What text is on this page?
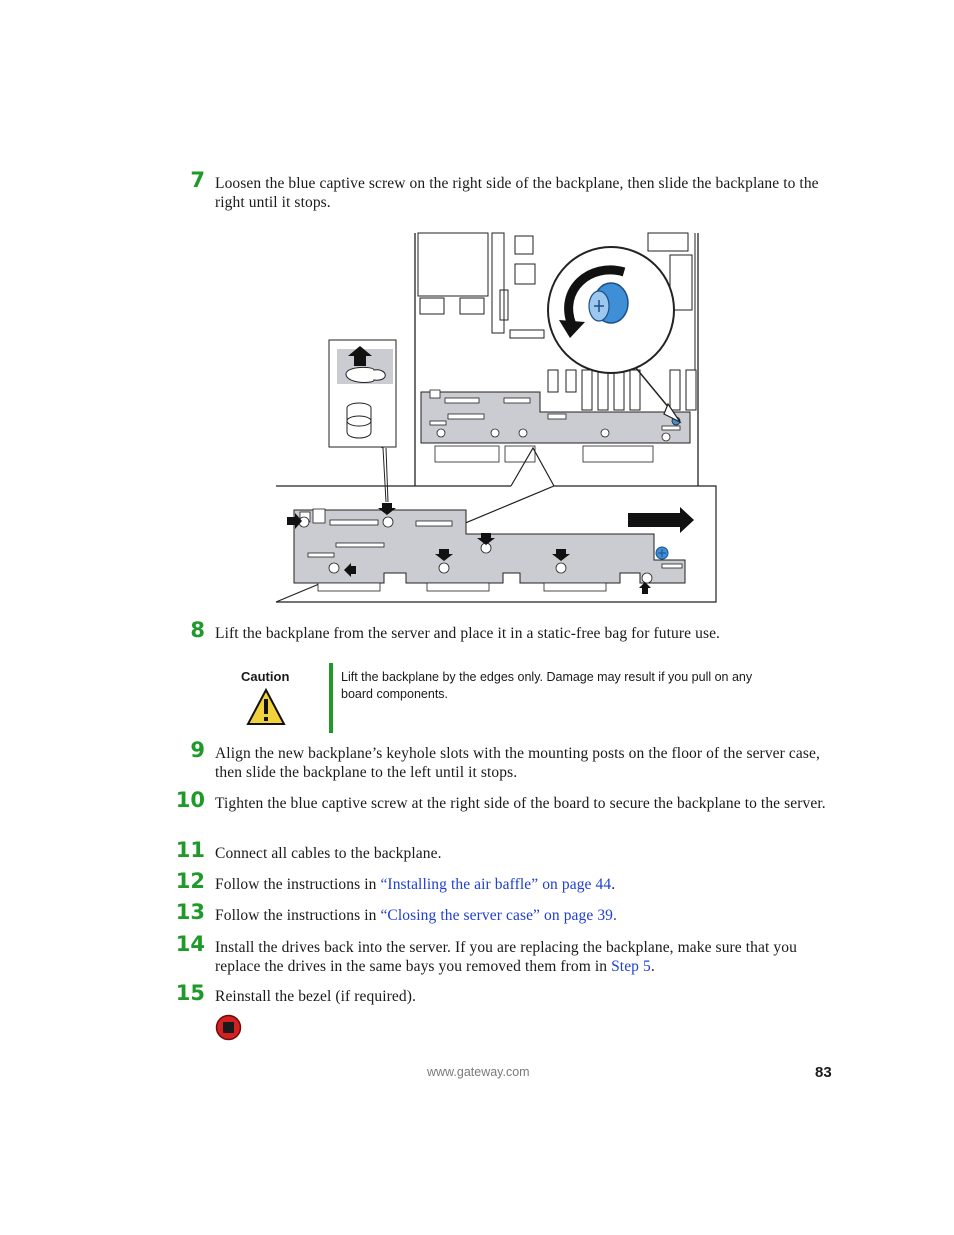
7 Loosen the blue captive screw on the right side of the backplane, then slide the backplane to the right until it stops.
8 Lift the backplane from the server and place it in a static-free bag for future use.
Caution	Lift the backplane by the edges only. Damage may result if you pull on any board components.
9 Align the new backplane’s keyhole slots with the mounting posts on the floor of the server case, then slide the backplane to the left until it stops.
10 Tighten the blue captive screw at the right side of the board to secure the backplane to the server.
11 Connect all cables to the backplane.
12 Follow the instructions in “Installing the air baffle” on page 44.
13 Follow the instructions in “Closing the server case” on page 39.
14 Install the drives back into the server. If you are replacing the backplane, make sure that you replace the drives in the same bays you removed them from in Step 5.
15 Reinstall the bezel (if required).
www.gateway.com	83
